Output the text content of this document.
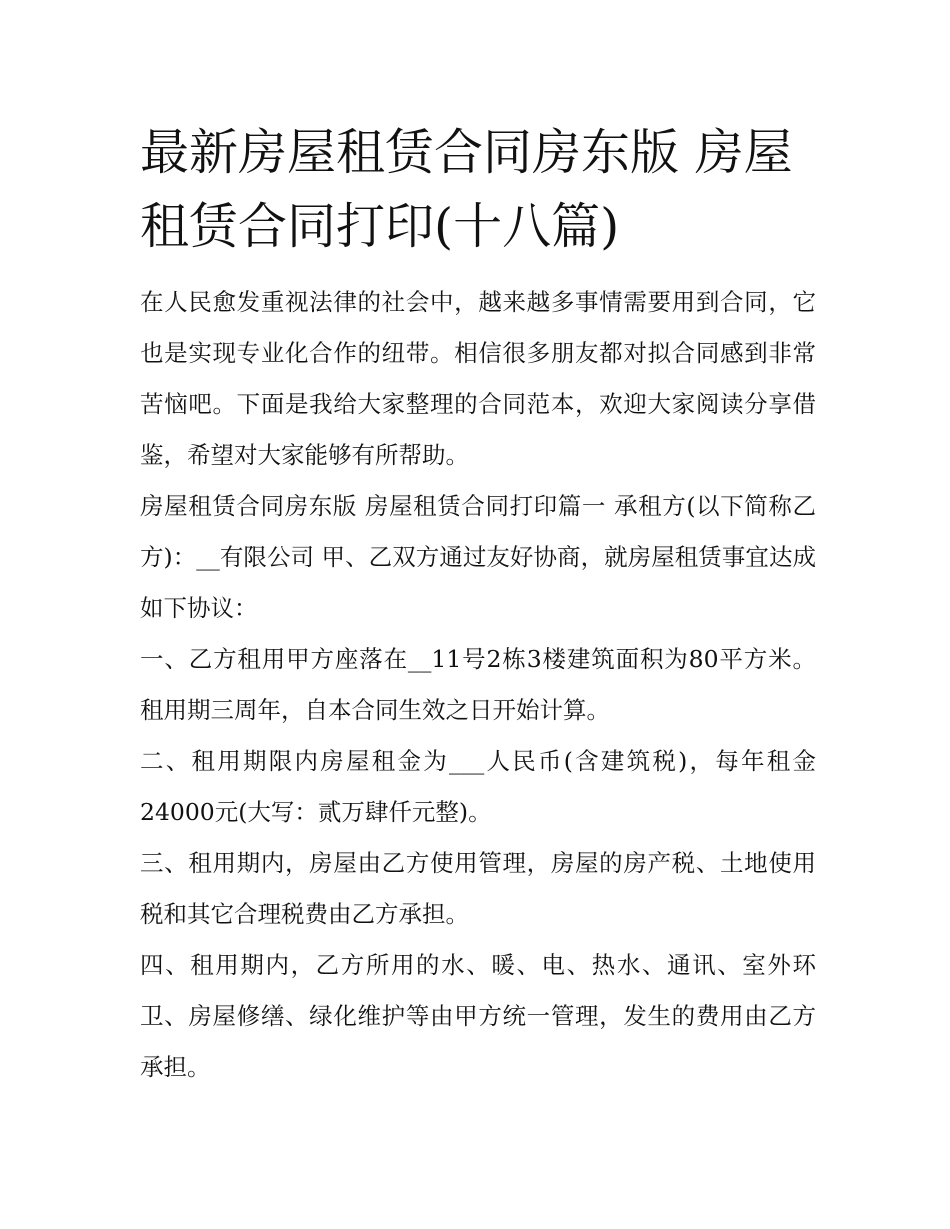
最新房屋租赁合同房东版 房屋租赁合同打印(十八篇)

在人民愈发重视法律的社会中，越来越多事情需要用到合同，它也是实现专业化合作的纽带。相信很多朋友都对拟合同感到非常苦恼吧。下面是我给大家整理的合同范本，欢迎大家阅读分享借鉴，希望对大家能够有所帮助。

房屋租赁合同房东版 房屋租赁合同打印篇一 承租方(以下简称乙方)：__有限公司 甲、乙双方通过友好协商，就房屋租赁事宜达成如下协议：

一、乙方租用甲方座落在__11号2栋3楼建筑面积为80平方米。租用期三周年，自本合同生效之日开始计算。

二、租用期限内房屋租金为___人民币(含建筑税)，每年租金24000元(大写：贰万肆仟元整)。

三、租用期内，房屋由乙方使用管理，房屋的房产税、土地使用税和其它合理税费由乙方承担。

四、租用期内，乙方所用的水、暖、电、热水、通讯、室外环卫、房屋修缮、绿化维护等由甲方统一管理，发生的费用由乙方承担。
